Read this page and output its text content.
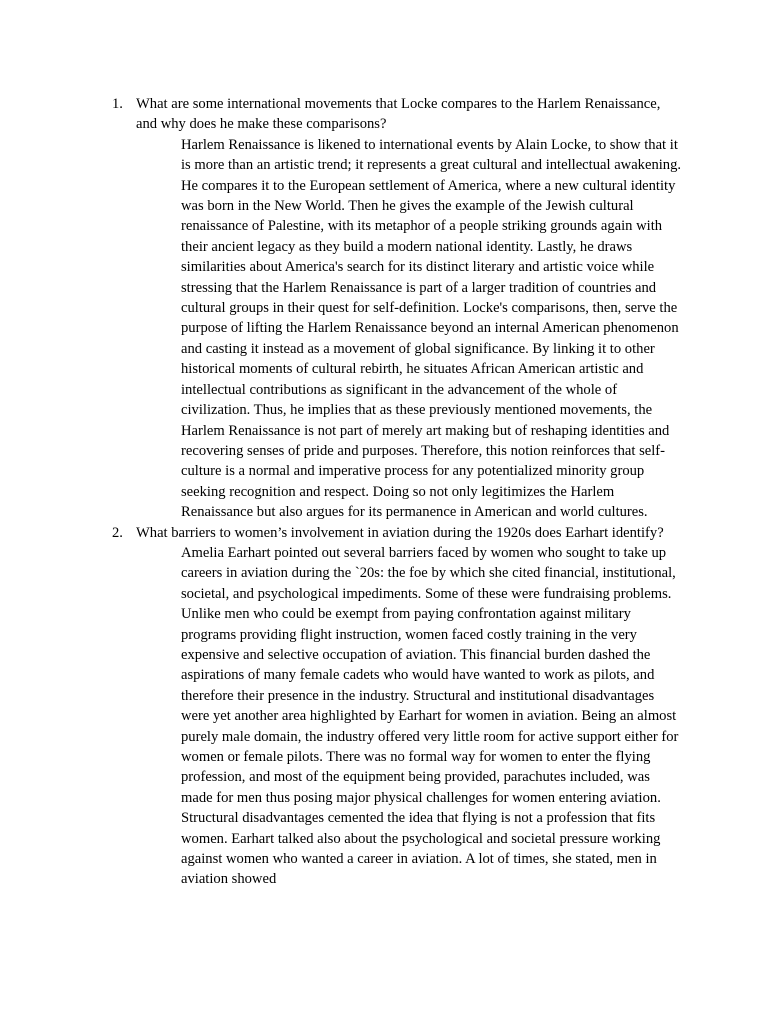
1. What are some international movements that Locke compares to the Harlem Renaissance, and why does he make these comparisons?

Harlem Renaissance is likened to international events by Alain Locke, to show that it is more than an artistic trend; it represents a great cultural and intellectual awakening. He compares it to the European settlement of America, where a new cultural identity was born in the New World. Then he gives the example of the Jewish cultural renaissance of Palestine, with its metaphor of a people striking grounds again with their ancient legacy as they build a modern national identity. Lastly, he draws similarities about America's search for its distinct literary and artistic voice while stressing that the Harlem Renaissance is part of a larger tradition of countries and cultural groups in their quest for self-definition. Locke's comparisons, then, serve the purpose of lifting the Harlem Renaissance beyond an internal American phenomenon and casting it instead as a movement of global significance. By linking it to other historical moments of cultural rebirth, he situates African American artistic and intellectual contributions as significant in the advancement of the whole of civilization. Thus, he implies that as these previously mentioned movements, the Harlem Renaissance is not part of merely art making but of reshaping identities and recovering senses of pride and purposes. Therefore, this notion reinforces that self-culture is a normal and imperative process for any potentialized minority group seeking recognition and respect. Doing so not only legitimizes the Harlem Renaissance but also argues for its permanence in American and world cultures.

2. What barriers to women’s involvement in aviation during the 1920s does Earhart identify?

Amelia Earhart pointed out several barriers faced by women who sought to take up careers in aviation during the `20s: the foe by which she cited financial, institutional, societal, and psychological impediments. Some of these were fundraising problems. Unlike men who could be exempt from paying confrontation against military programs providing flight instruction, women faced costly training in the very expensive and selective occupation of aviation. This financial burden dashed the aspirations of many female cadets who would have wanted to work as pilots, and therefore their presence in the industry. Structural and institutional disadvantages were yet another area highlighted by Earhart for women in aviation. Being an almost purely male domain, the industry offered very little room for active support either for women or female pilots. There was no formal way for women to enter the flying profession, and most of the equipment being provided, parachutes included, was made for men thus posing major physical challenges for women entering aviation. Structural disadvantages cemented the idea that flying is not a profession that fits women. Earhart talked also about the psychological and societal pressure working against women who wanted a career in aviation. A lot of times, she stated, men in aviation showed
